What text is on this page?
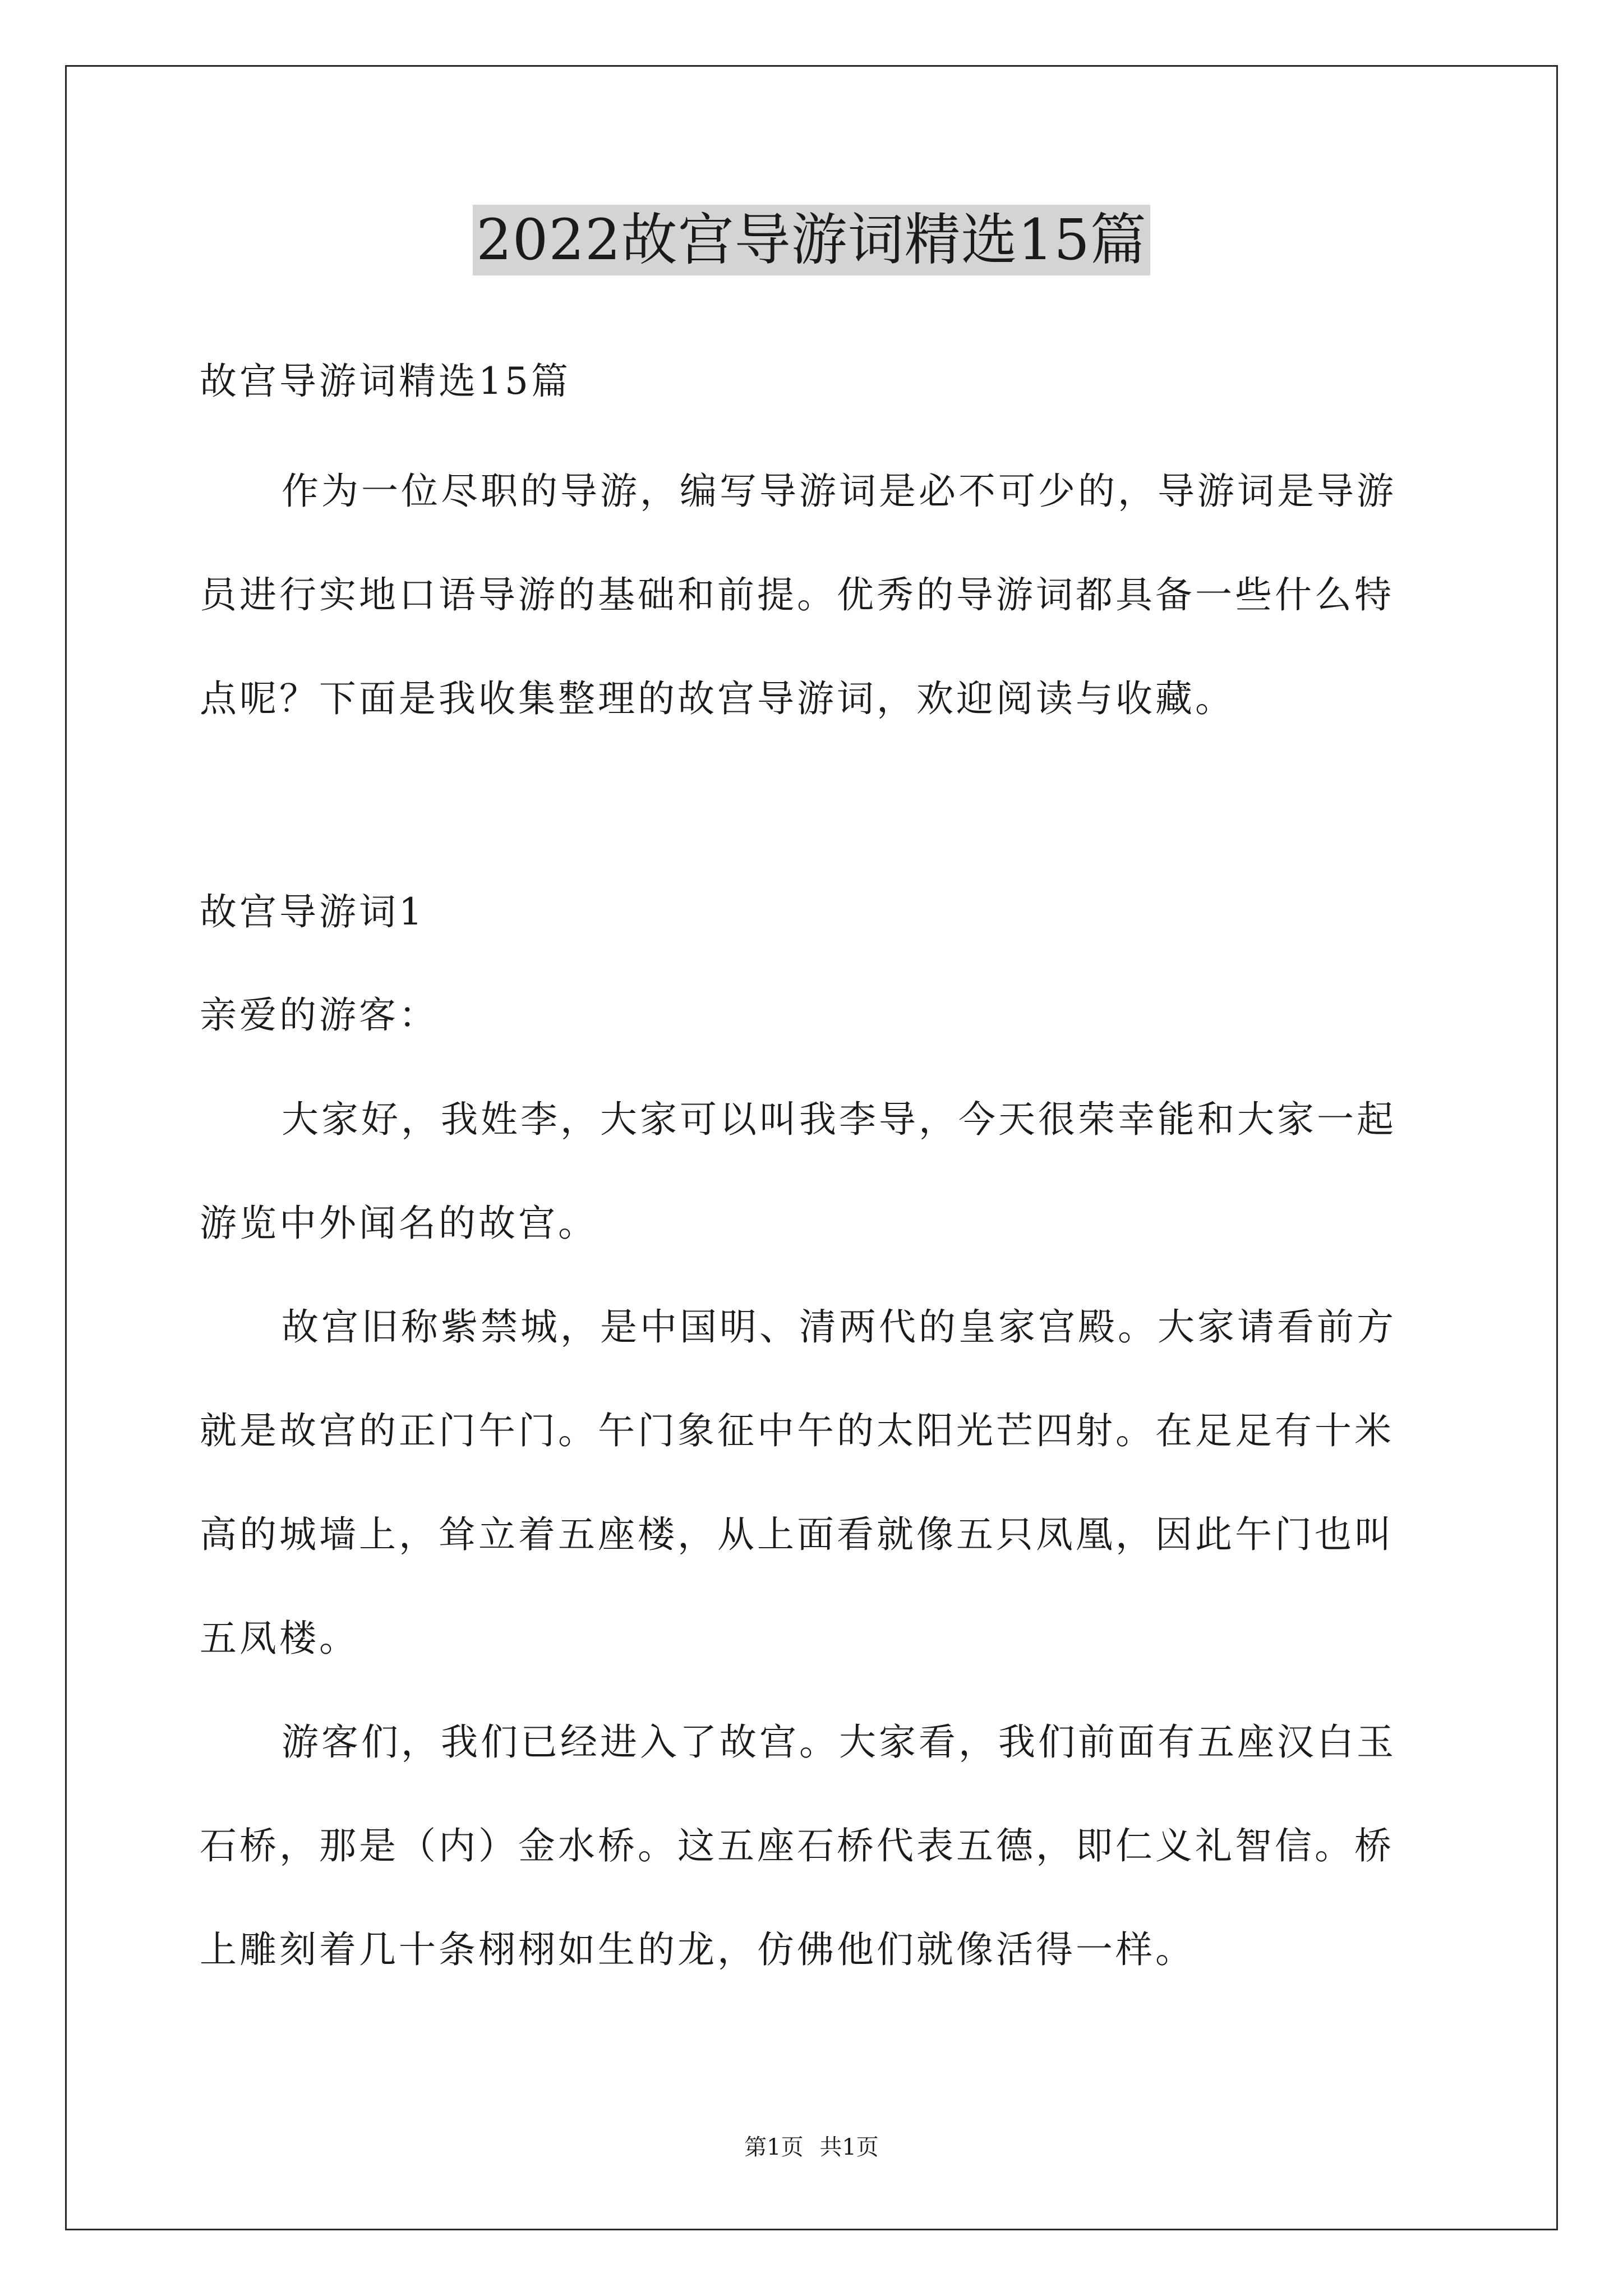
2022故宫导游词精选15篇
故宫导游词精选15篇
作为一位尽职的导游，编写导游词是必不可少的，导游词是导游
员进行实地口语导游的基础和前提。优秀的导游词都具备一些什么特
点呢？下面是我收集整理的故宫导游词，欢迎阅读与收藏。
故宫导游词1
亲爱的游客：
大家好，我姓李，大家可以叫我李导，今天很荣幸能和大家一起
游览中外闻名的故宫。
故宫旧称紫禁城，是中国明、清两代的皇家宫殿。大家请看前方
就是故宫的正门午门。午门象征中午的太阳光芒四射。在足足有十米
高的城墙上，耸立着五座楼，从上面看就像五只凤凰，因此午门也叫
五凤楼。
游客们，我们已经进入了故宫。大家看，我们前面有五座汉白玉
石桥，那是（内）金水桥。这五座石桥代表五德，即仁义礼智信。桥
上雕刻着几十条栩栩如生的龙，仿佛他们就像活得一样。
第1页 共1页
